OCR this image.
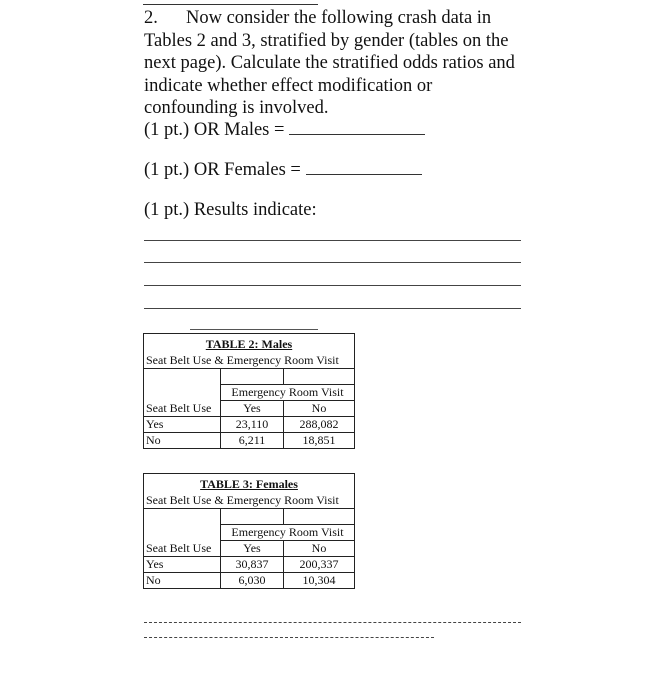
2. Now consider the following crash data in Tables 2 and 3, stratified by gender (tables on the next page). Calculate the stratified odds ratios and indicate whether effect modification or confounding is involved.
(1 pt.) OR Males =
(1 pt.) OR Females =
(1 pt.) Results indicate:
TABLE 2: Males		
Seat Belt Use & Emergency Room Visit		

	Emergency Room Visit	
Seat Belt Use	Yes	No
Yes	23,110	288,082
No	6,211	18,851
TABLE 3: Females		
Seat Belt Use & Emergency Room Visit		

	Emergency Room Visit	
Seat Belt Use	Yes	No
Yes	30,837	200,337
No	6,030	10,304
